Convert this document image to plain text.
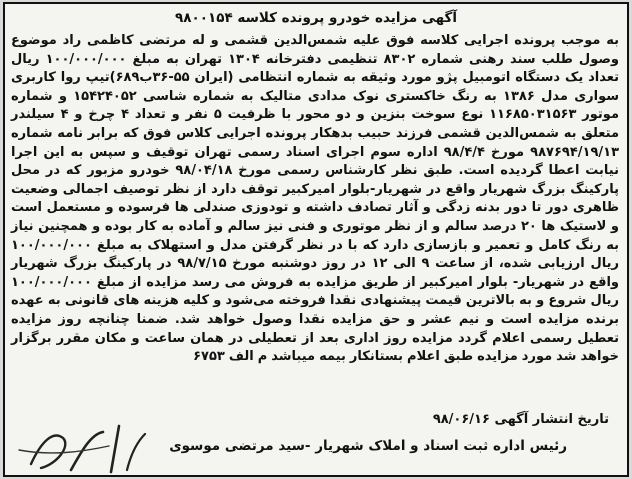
آگهی مزایده خودرو پرونده کلاسه ۹۸۰۰۱۵۴
به موجب پرونده اجرایی کلاسه فوق علیه شمس‌الدین قشمی و له مرتضی کاظمی راد موضوع وصول طلب سند رهنی شماره ۸۳۰۲ تنظیمی دفترخانه ۱۳۰۴ تهران به مبلغ ۱۰۰/۰۰۰/۰۰۰ ریال تعداد یک دستگاه اتومبیل پژو مورد وثیقه به شماره انتظامی (ایران ۵۵-۳۶ب۶۸۹)تیپ روا کاربری سواری مدل ۱۳۸۶ به رنگ خاکستری نوک مدادی متالیک به شماره شاسی ۱۵۴۲۴۰۵۲ و شماره موتور ۱۱۶۸۵۰۳۱۵۶۳ نوع سوخت بنزین و دو محور با ظرفیت ۵ نفر و تعداد ۴ چرخ و ۴ سیلندر متعلق به شمس‌الدین قشمی فرزند حبیب بدهکار پرونده اجرایی کلاس فوق که برابر نامه شماره ۹۸۷۶۹۴/۱۹/۱۳ مورخ ۹۸/۴/۴ اداره سوم اجرای اسناد رسمی تهران توقیف و سپس به این اجرا نیابت اعطا گردیده است. طبق نظر کارشناس رسمی مورخ ۹۸/۰۴/۱۸ خودرو مزبور که در محل پارکینگ بزرگ شهریار واقع در شهریار-بلوار امیرکبیر توقف دارد از نظر توصیف اجمالی وضعیت ظاهری دور تا دور بدنه زدگی و آثار تصادف داشته و تودوزی صندلی ها فرسوده و مستعمل است و لاستیک ها ۲۰ درصد سالم و از نظر موتوری و فنی نیز سالم و آماده به کار بوده و همچنین نیاز به رنگ کامل و تعمیر و بازسازی دارد که با در نظر گرفتن مدل و استهلاک به مبلغ ۱۰۰/۰۰۰/۰۰۰ ریال ارزیابی شده، از ساعت ۹ الی ۱۲ در روز دوشنبه مورخ ۹۸/۷/۱۵ در پارکینگ بزرگ شهریار واقع در شهریار- بلوار امیرکبیر از طریق مزایده به فروش می رسد مزایده از مبلغ ۱۰۰/۰۰۰/۰۰۰ ریال شروع و به بالاترین قیمت پیشنهادی نقدا فروخته می‌شود و کلیه هزینه های قانونی به عهده برنده مزایده است و نیم عشر و حق مزایده نقدا وصول خواهد شد. ضمنا چنانچه روز مزایده تعطیل رسمی اعلام گردد مزایده روز اداری بعد از تعطیلی در همان ساعت و مکان مقرر برگزار خواهد شد مورد مزایده طبق اعلام بستانکار بیمه میباشد م الف ۶۷۵۳
تاریخ انتشار آگهی ۹۸/۰۶/۱۶
رئیس اداره ثبت اسناد و املاک شهریار -سید مرتضی موسوی
